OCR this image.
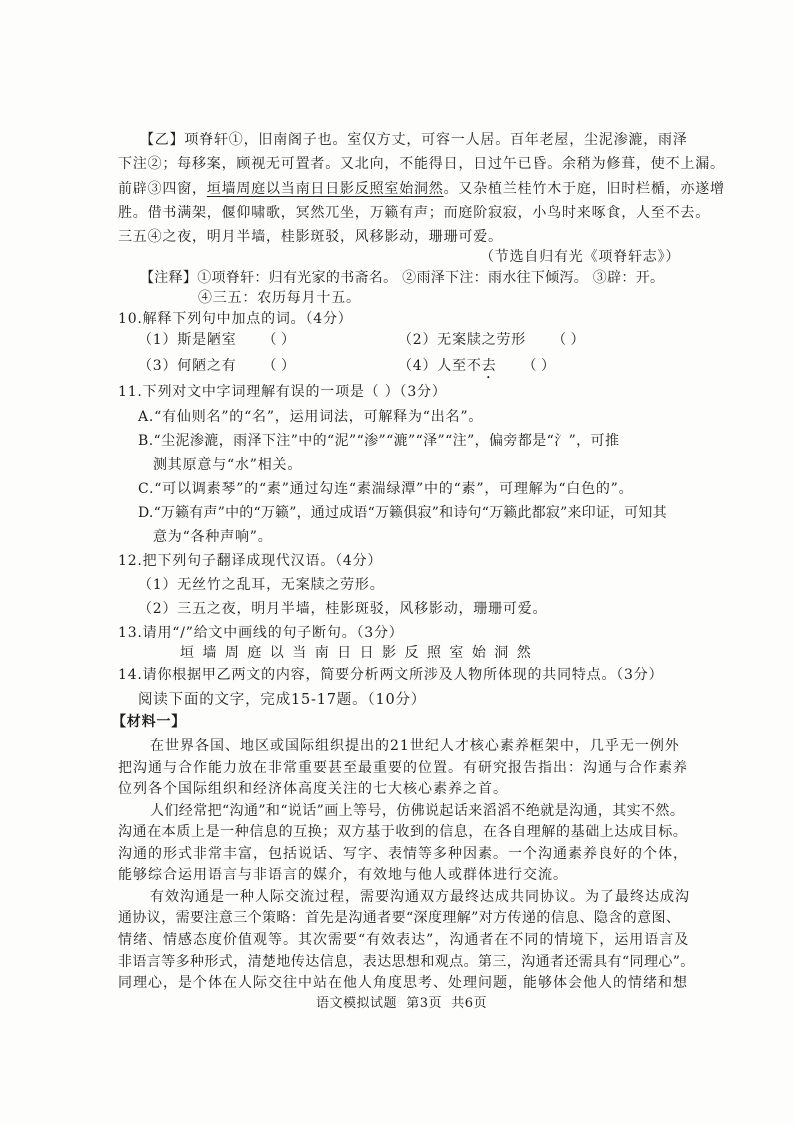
【乙】项脊轩①，旧南阁子也。室仅方丈，可容一人居。百年老屋，尘泥渗漉，雨泽
下注②；每移案，顾视无可置者。又北向，不能得日，日过午已昏。余稍为修葺，使不上漏。
前辟③四窗，垣墙周庭以当南日日影反照室始洞然。又杂植兰桂竹木于庭，旧时栏楯，亦遂增
胜。借书满架，偃仰啸歌，冥然兀坐，万籁有声；而庭阶寂寂，小鸟时来啄食，人至不去。
三五④之夜，明月半墙，桂影斑驳，风移影动，珊珊可爱。
（节选自归有光《项脊轩志》）
【注释】①项脊轩：归有光家的书斋名。 ②雨泽下注：雨水往下倾泻。 ③辟：开。
④三五：农历每月十五。
10.解释下列句中加点的词。（4分）
（1）斯是陋室 （ ）	（2）无案牍之劳形 （ ）
（3）何陋之有 （ ）	（4）人至不去 （ ）
11.下列对文中字词理解有误的一项是（ ）（3分）
A.“有仙则名”的“名”，运用词法，可解释为“出名”。
B.“尘泥渗漉，雨泽下注”中的“泥”“渗”“漉”“泽”“注”，偏旁都是“氵”，可推
测其原意与“水”相关。
C.“可以调素琴”的“素”通过勾连“素湍绿潭”中的“素”，可理解为“白色的”。
D.“万籁有声”中的“万籁”，通过成语“万籁俱寂”和诗句“万籁此都寂”来印证，可知其
意为“各种声响”。
12.把下列句子翻译成现代汉语。（4分）
（1）无丝竹之乱耳，无案牍之劳形。
（2）三五之夜，明月半墙，桂影斑驳，风移影动，珊珊可爱。
13.请用“/”给文中画线的句子断句。（3分）
垣 墙 周 庭 以 当 南 日 日 影 反 照 室 始 洞 然
14.请你根据甲乙两文的内容，简要分析两文所涉及人物所体现的共同特点。（3分）
阅读下面的文字，完成15-17题。（10分）
【材料一】
在世界各国、地区或国际组织提出的21世纪人才核心素养框架中，几乎无一例外
把沟通与合作能力放在非常重要甚至最重要的位置。有研究报告指出：沟通与合作素养
位列各个国际组织和经济体高度关注的七大核心素养之首。
人们经常把“沟通”和“说话”画上等号，仿佛说起话来滔滔不绝就是沟通，其实不然。
沟通在本质上是一种信息的互换；双方基于收到的信息，在各自理解的基础上达成目标。
沟通的形式非常丰富，包括说话、写字、表情等多种因素。一个沟通素养良好的个体，
能够综合运用语言与非语言的媒介，有效地与他人或群体进行交流。
有效沟通是一种人际交流过程，需要沟通双方最终达成共同协议。为了最终达成沟
通协议，需要注意三个策略：首先是沟通者要“深度理解”对方传递的信息、隐含的意图、
情绪、情感态度价值观等。其次需要“有效表达”，沟通者在不同的情境下，运用语言及
非语言等多种形式，清楚地传达信息，表达思想和观点。第三，沟通者还需具有“同理心”。
同理心，是个体在人际交往中站在他人角度思考、处理问题，能够体会他人的情绪和想
语文模拟试题  第3页  共6页
